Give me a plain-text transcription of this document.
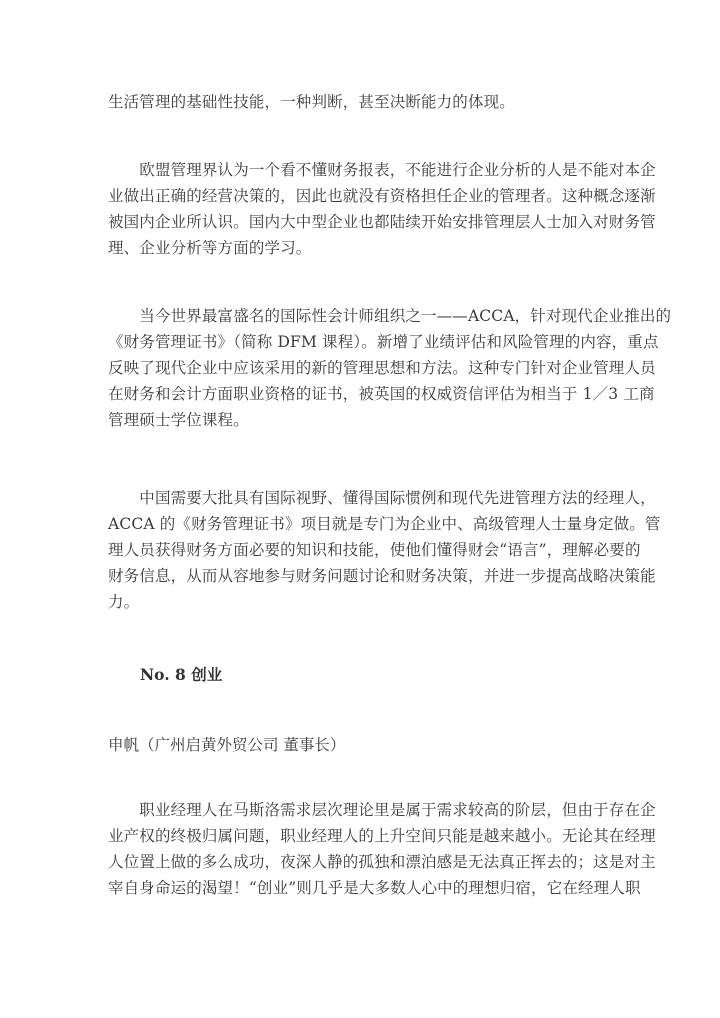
生活管理的基础性技能，一种判断，甚至决断能力的体现。
　　欧盟管理界认为一个看不懂财务报表，不能进行企业分析的人是不能对本企
业做出正确的经营决策的，因此也就没有资格担任企业的管理者。这种概念逐渐
被国内企业所认识。国内大中型企业也都陆续开始安排管理层人士加入对财务管
理、企业分析等方面的学习。
　　当今世界最富盛名的国际性会计师组织之一——ACCA，针对现代企业推出的
《财务管理证书》（简称 DFM 课程）。新增了业绩评估和风险管理的内容，重点
反映了现代企业中应该采用的新的管理思想和方法。这种专门针对企业管理人员
在财务和会计方面职业资格的证书，被英国的权威资信评估为相当于 1／3 工商
管理硕士学位课程。
　　中国需要大批具有国际视野、懂得国际惯例和现代先进管理方法的经理人，
ACCA 的《财务管理证书》项目就是专门为企业中、高级管理人士量身定做。管
理人员获得财务方面必要的知识和技能，使他们懂得财会“语言”，理解必要的
财务信息，从而从容地参与财务问题讨论和财务决策，并进一步提高战略决策能
力。
No. 8 创业
申帆（广州启黄外贸公司 董事长）
　　职业经理人在马斯洛需求层次理论里是属于需求较高的阶层，但由于存在企
业产权的终极归属问题，职业经理人的上升空间只能是越来越小。无论其在经理
人位置上做的多么成功，夜深人静的孤独和漂泊感是无法真正挥去的；这是对主
宰自身命运的渴望！“创业”则几乎是大多数人心中的理想归宿，它在经理人职
